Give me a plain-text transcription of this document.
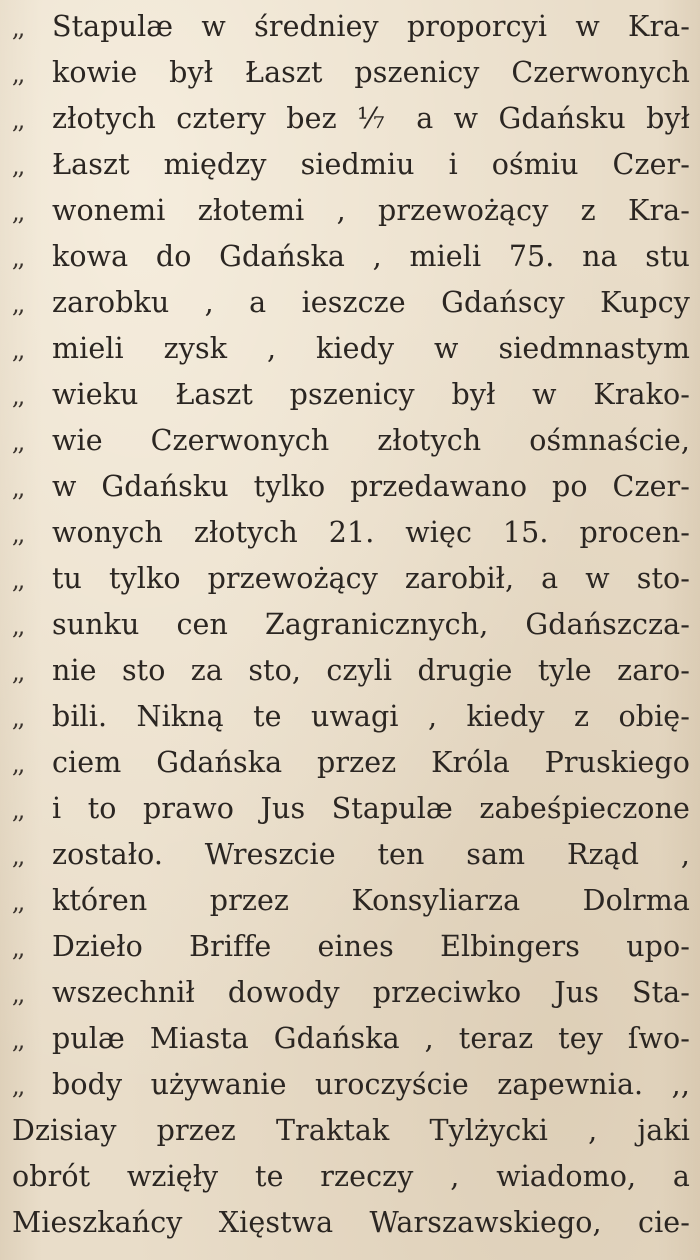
,,	Stapulæ w średniey proporcyi w Kra-
,,	kowie był Łaszt pszenicy Czerwonych
,,	złotych cztery bez ⅐ a w Gdańsku był
,,	Łaszt między siedmiu i ośmiu Czer-
,,	wonemi złotemi , przewożący z Kra-
,,	kowa do Gdańska , mieli 75. na stu
,,	zarobku , a ieszcze Gdańscy Kupcy
,,	mieli zysk , kiedy w siedmnastym
,,	wieku Łaszt pszenicy był w Krako-
,,	wie Czerwonych złotych ośmnaście,
,,	w Gdańsku tylko przedawano po Czer-
,,	wonych złotych 21. więc 15. procen-
,,	tu tylko przewożący zarobił, a w sto-
,,	sunku cen Zagranicznych, Gdańszcza-
,,	nie sto za sto, czyli drugie tyle zaro-
,,	bili. Nikną te uwagi , kiedy z obię-
,,	ciem Gdańska przez Króla Pruskiego
,,	i to prawo Jus Stapulæ zabeśpieczone
,,	zostało. Wreszcie ten sam Rząd ,
,,	któren przez Konsyliarza Dolrma
,,	Dzieło Briffe eines Elbingers upo-
,,	wszechnił dowody przeciwko Jus Sta-
,,	pulæ Miasta Gdańska , teraz tey ſwo-
,,	body używanie uroczyście zapewnia. ,,
Dzisiay przez Traktak Tylżycki , jaki
obrót wzięły te rzeczy , wiadomo, a
Mieszkańcy Xięstwa Warszawskiego, cie-
